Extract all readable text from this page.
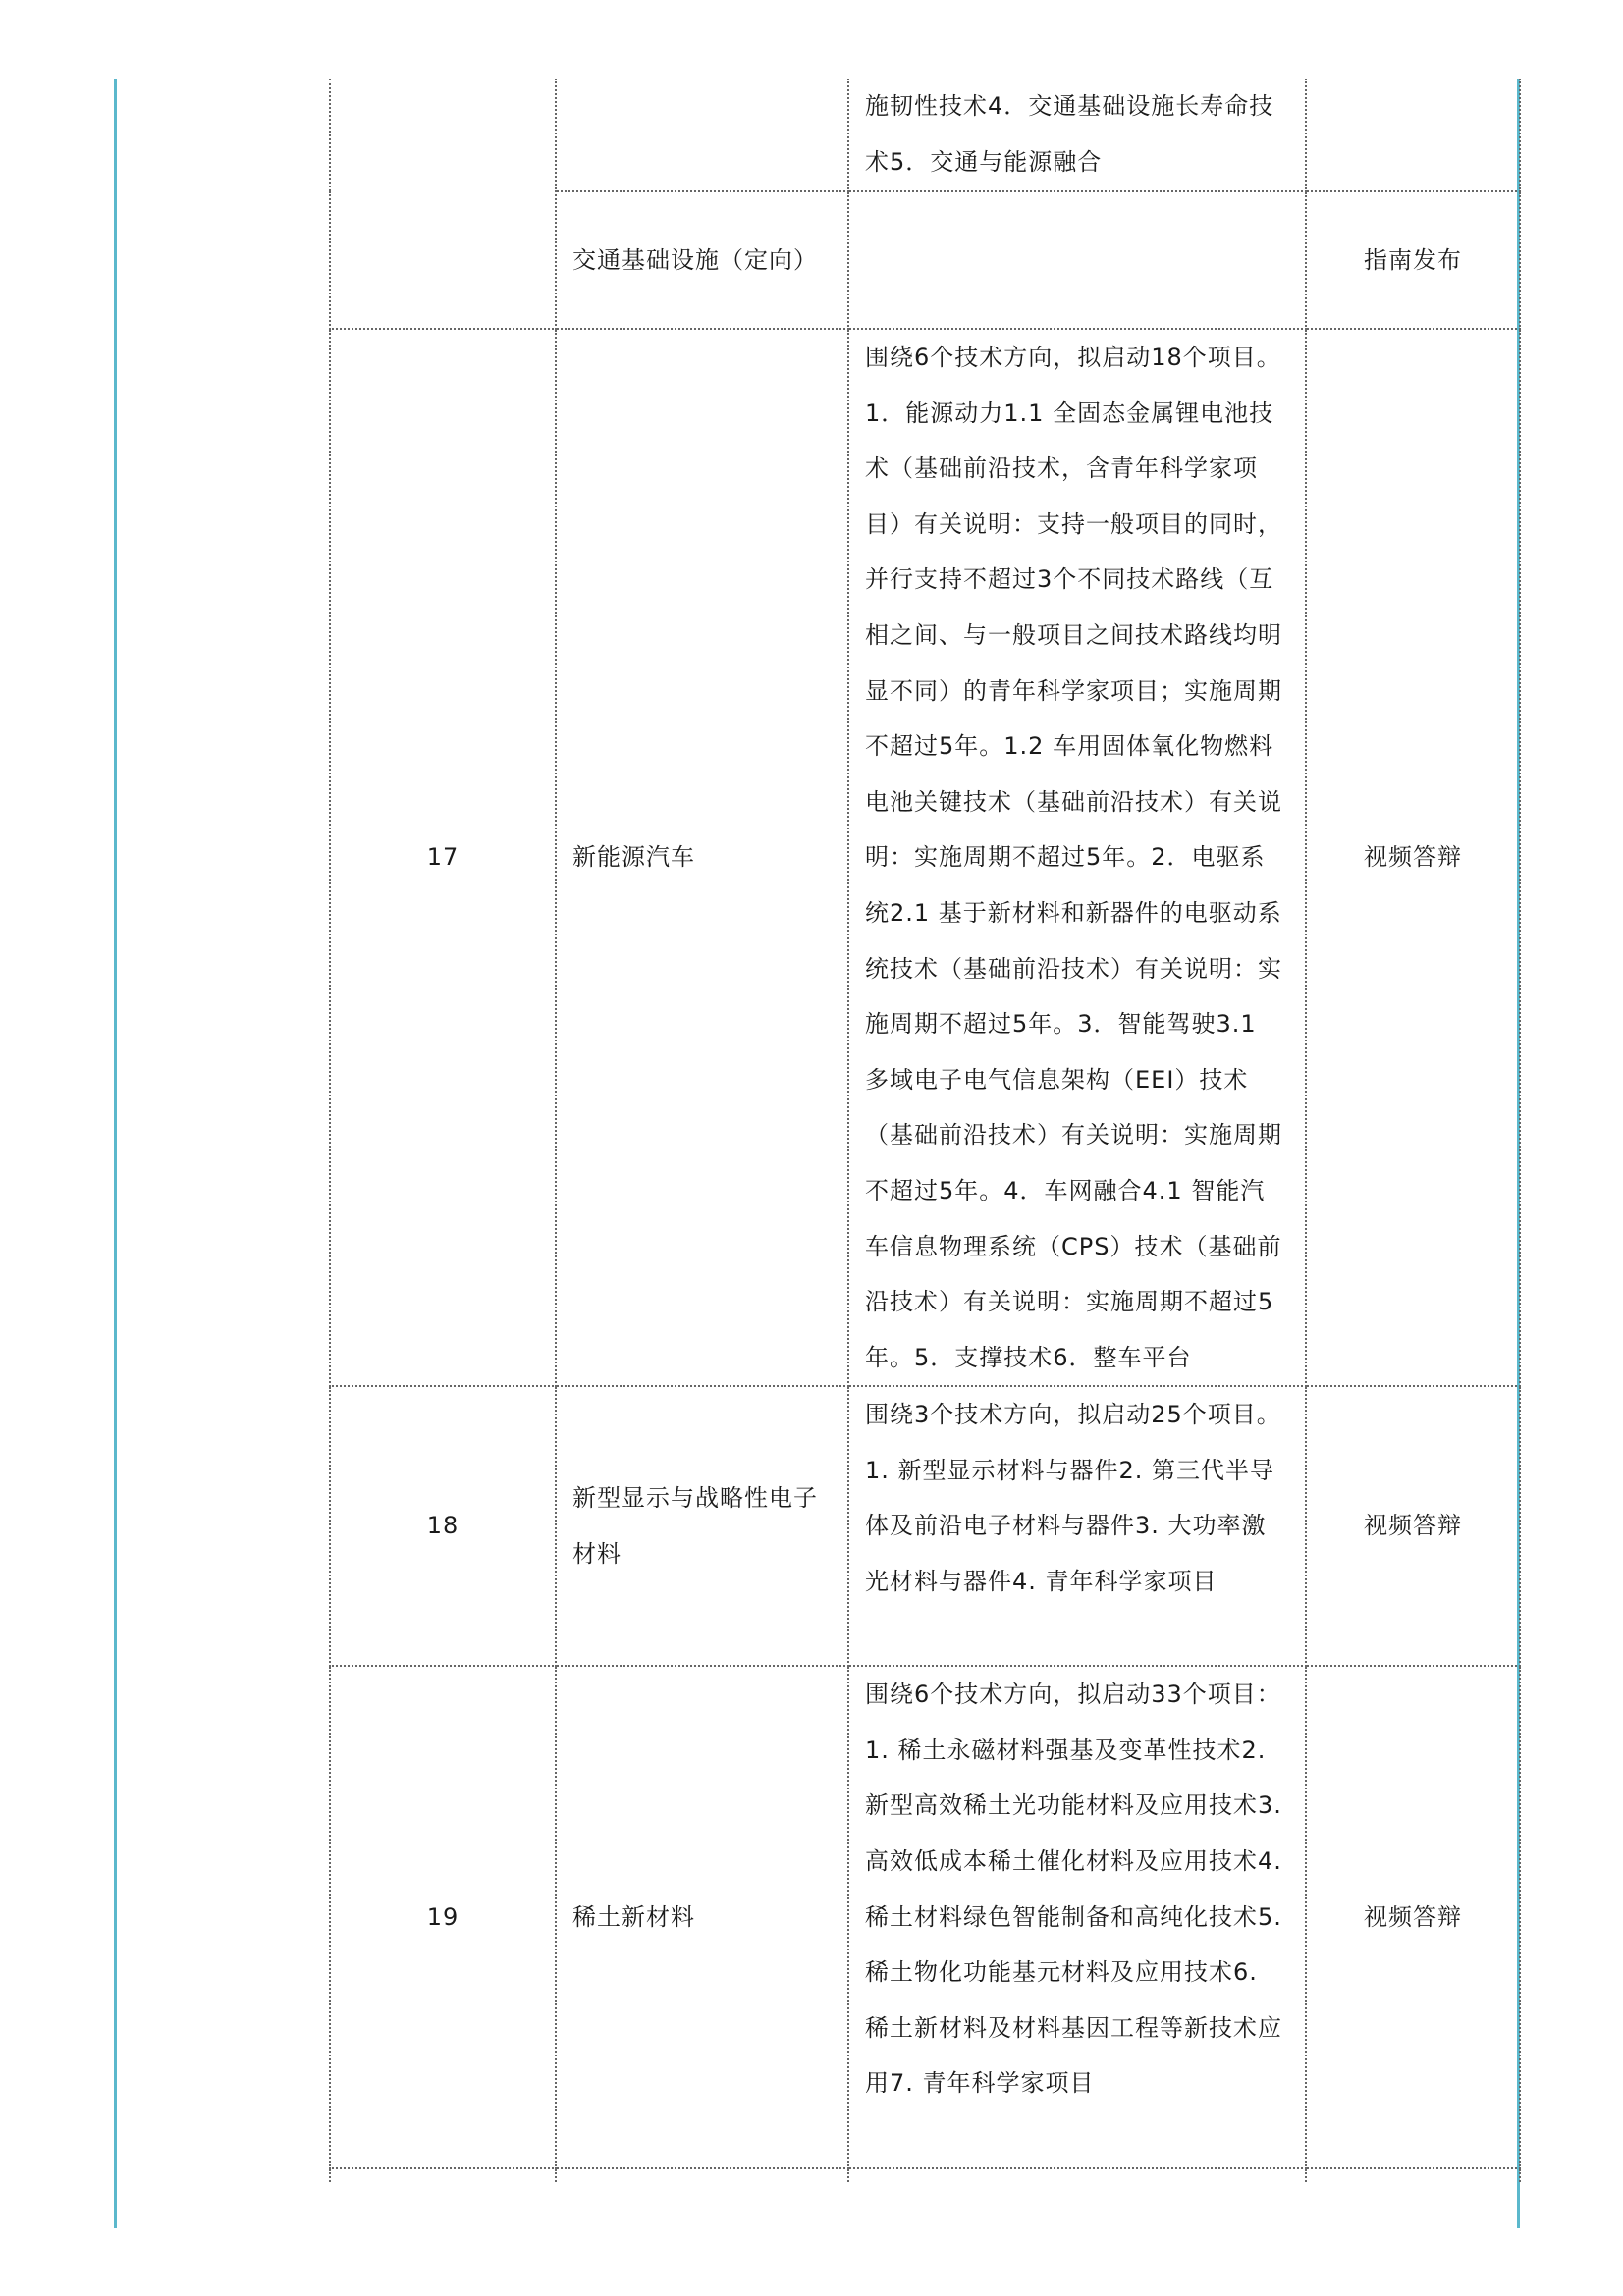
		施韧性技术4．交通基础设施长寿命技术5．交通与能源融合	

	交通基础设施（定向）		指南发布
17	新能源汽车	围绕6个技术方向，拟启动18个项目。1．能源动力1.1 全固态金属锂电池技术（基础前沿技术，含青年科学家项目）有关说明：支持一般项目的同时，并行支持不超过3个不同技术路线（互相之间、与一般项目之间技术路线均明显不同）的青年科学家项目；实施周期不超过5年。1.2 车用固体氧化物燃料电池关键技术（基础前沿技术）有关说明：实施周期不超过5年。2．电驱系统2.1 基于新材料和新器件的电驱动系统技术（基础前沿技术）有关说明：实施周期不超过5年。3．智能驾驶3.1 多域电子电气信息架构（EEI）技术（基础前沿技术）有关说明：实施周期不超过5年。4．车网融合4.1 智能汽车信息物理系统（CPS）技术（基础前沿技术）有关说明：实施周期不超过5年。5．支撑技术6．整车平台	视频答辩
18	新型显示与战略性电子材料	围绕3个技术方向，拟启动25个项目。1. 新型显示材料与器件2. 第三代半导体及前沿电子材料与器件3. 大功率激光材料与器件4. 青年科学家项目	视频答辩
19	稀土新材料	围绕6个技术方向，拟启动33个项目：1. 稀土永磁材料强基及变革性技术2. 新型高效稀土光功能材料及应用技术3. 高效低成本稀土催化材料及应用技术4. 稀土材料绿色智能制备和高纯化技术5. 稀土物化功能基元材料及应用技术6. 稀土新材料及材料基因工程等新技术应用7. 青年科学家项目	视频答辩
